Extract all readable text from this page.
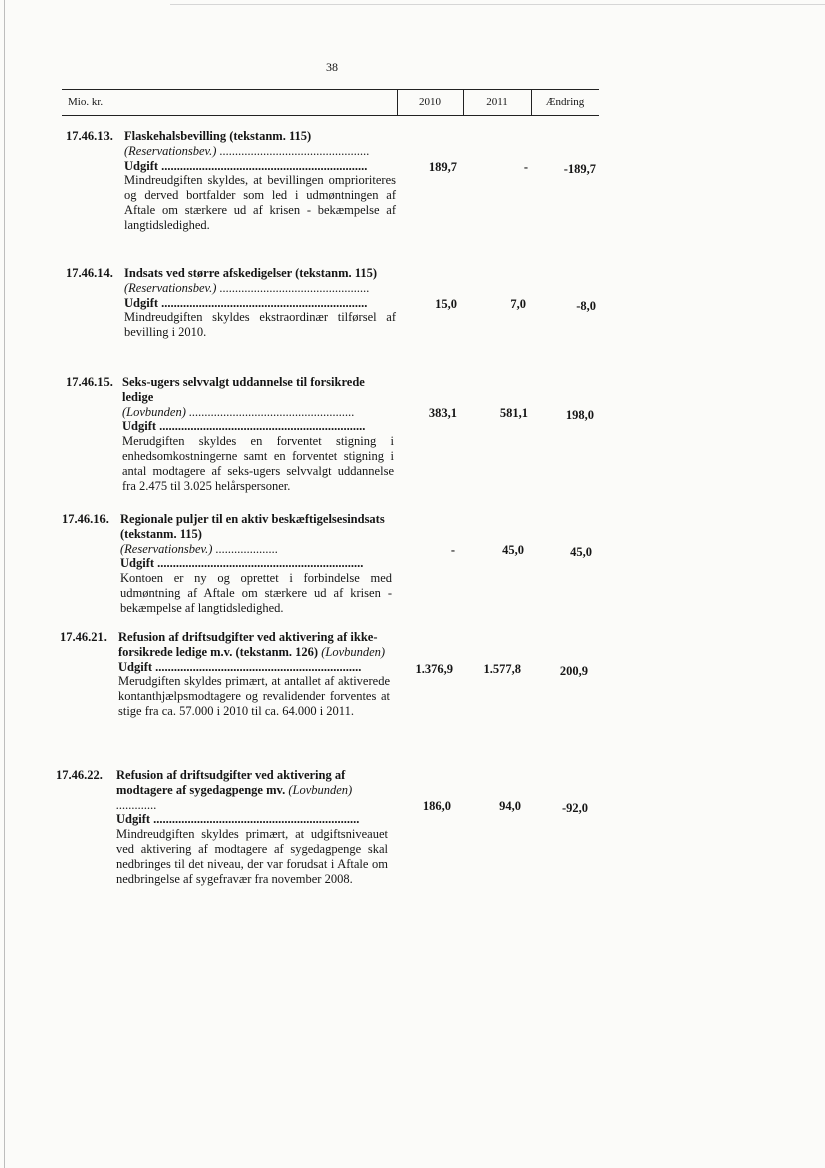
38
Mio. kr.	2010	2011	Ændring
17.46.13. Flaskehalsbevilling (tekstanm. 115)
(Reservationsbev.) ................................................
Udgift ..................................................................
Mindreudgiften skyldes, at bevillingen omprioriteres og derved bortfalder som led i udmøntningen af Aftale om stærkere ud af krisen - bekæmpelse af langtidsledighed.
189,7	-	-189,7
17.46.14. Indsats ved større afskedigelser (tekstanm. 115)
(Reservationsbev.) ................................................
Udgift ..................................................................
Mindreudgiften skyldes ekstraordinær tilførsel af bevilling i 2010.
15,0	7,0	-8,0
17.46.15. Seks-ugers selvvalgt uddannelse til forsikrede ledige
(Lovbunden) .....................................................
Udgift ..................................................................
Merudgiften skyldes en forventet stigning i enhedsomkostningerne samt en forventet stigning i antal modtagere af seks-ugers selvvalgt uddannelse fra 2.475 til 3.025 helårspersoner.
383,1	581,1	198,0
17.46.16. Regionale puljer til en aktiv beskæftigelsesindsats (tekstanm. 115)
(Reservationsbev.) ....................
Udgift ..................................................................
Kontoen er ny og oprettet i forbindelse med udmøntning af Aftale om stærkere ud af krisen - bekæmpelse af langtidsledighed.
-	45,0	45,0
17.46.21. Refusion af driftsudgifter ved aktivering af ikke-forsikrede ledige m.v. (tekstanm. 126) (Lovbunden)
Udgift ..................................................................
Merudgiften skyldes primært, at antallet af aktiverede kontanthjælpsmodtagere og revalidender forventes at stige fra ca. 57.000 i 2010 til ca. 64.000 i 2011.
1.376,9	1.577,8	200,9
17.46.22. Refusion af driftsudgifter ved aktivering af modtagere af sygedagpenge mv. (Lovbunden) .............
Udgift ..................................................................
Mindreudgiften skyldes primært, at udgiftsniveauet ved aktivering af modtagere af sygedagpenge skal nedbringes til det niveau, der var forudsat i Aftale om nedbringelse af sygefravær fra november 2008.
186,0	94,0	-92,0
